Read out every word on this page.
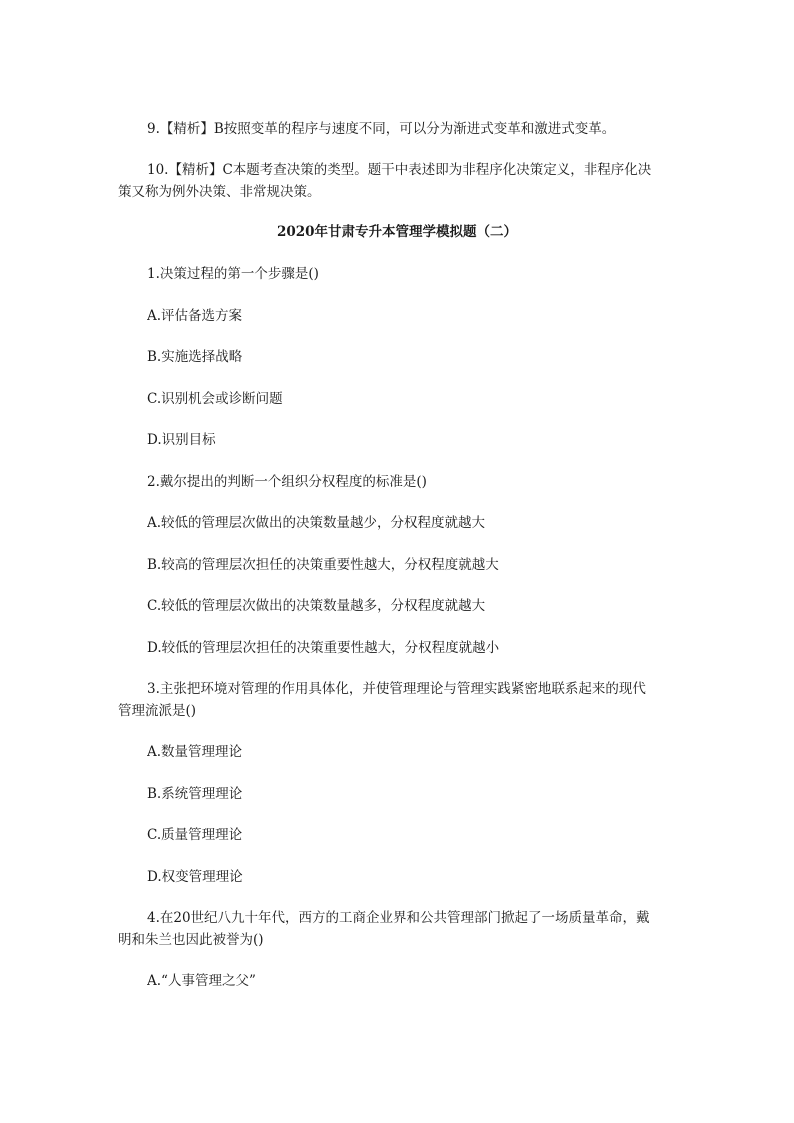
9.【精析】B按照变革的程序与速度不同，可以分为渐进式变革和激进式变革。
10.【精析】C本题考查决策的类型。题干中表述即为非程序化决策定义，非程序化决
策又称为例外决策、非常规决策。
2020年甘肃专升本管理学模拟题（二）
1.决策过程的第一个步骤是()
A.评估备选方案
B.实施选择战略
C.识别机会或诊断问题
D.识别目标
2.戴尔提出的判断一个组织分权程度的标准是()
A.较低的管理层次做出的决策数量越少，分权程度就越大
B.较高的管理层次担任的决策重要性越大，分权程度就越大
C.较低的管理层次做出的决策数量越多，分权程度就越大
D.较低的管理层次担任的决策重要性越大，分权程度就越小
3.主张把环境对管理的作用具体化，并使管理理论与管理实践紧密地联系起来的现代
管理流派是()
A.数量管理理论
B.系统管理理论
C.质量管理理论
D.权变管理理论
4.在20世纪八九十年代，西方的工商企业界和公共管理部门掀起了一场质量革命，戴
明和朱兰也因此被誉为()
A.“人事管理之父”
